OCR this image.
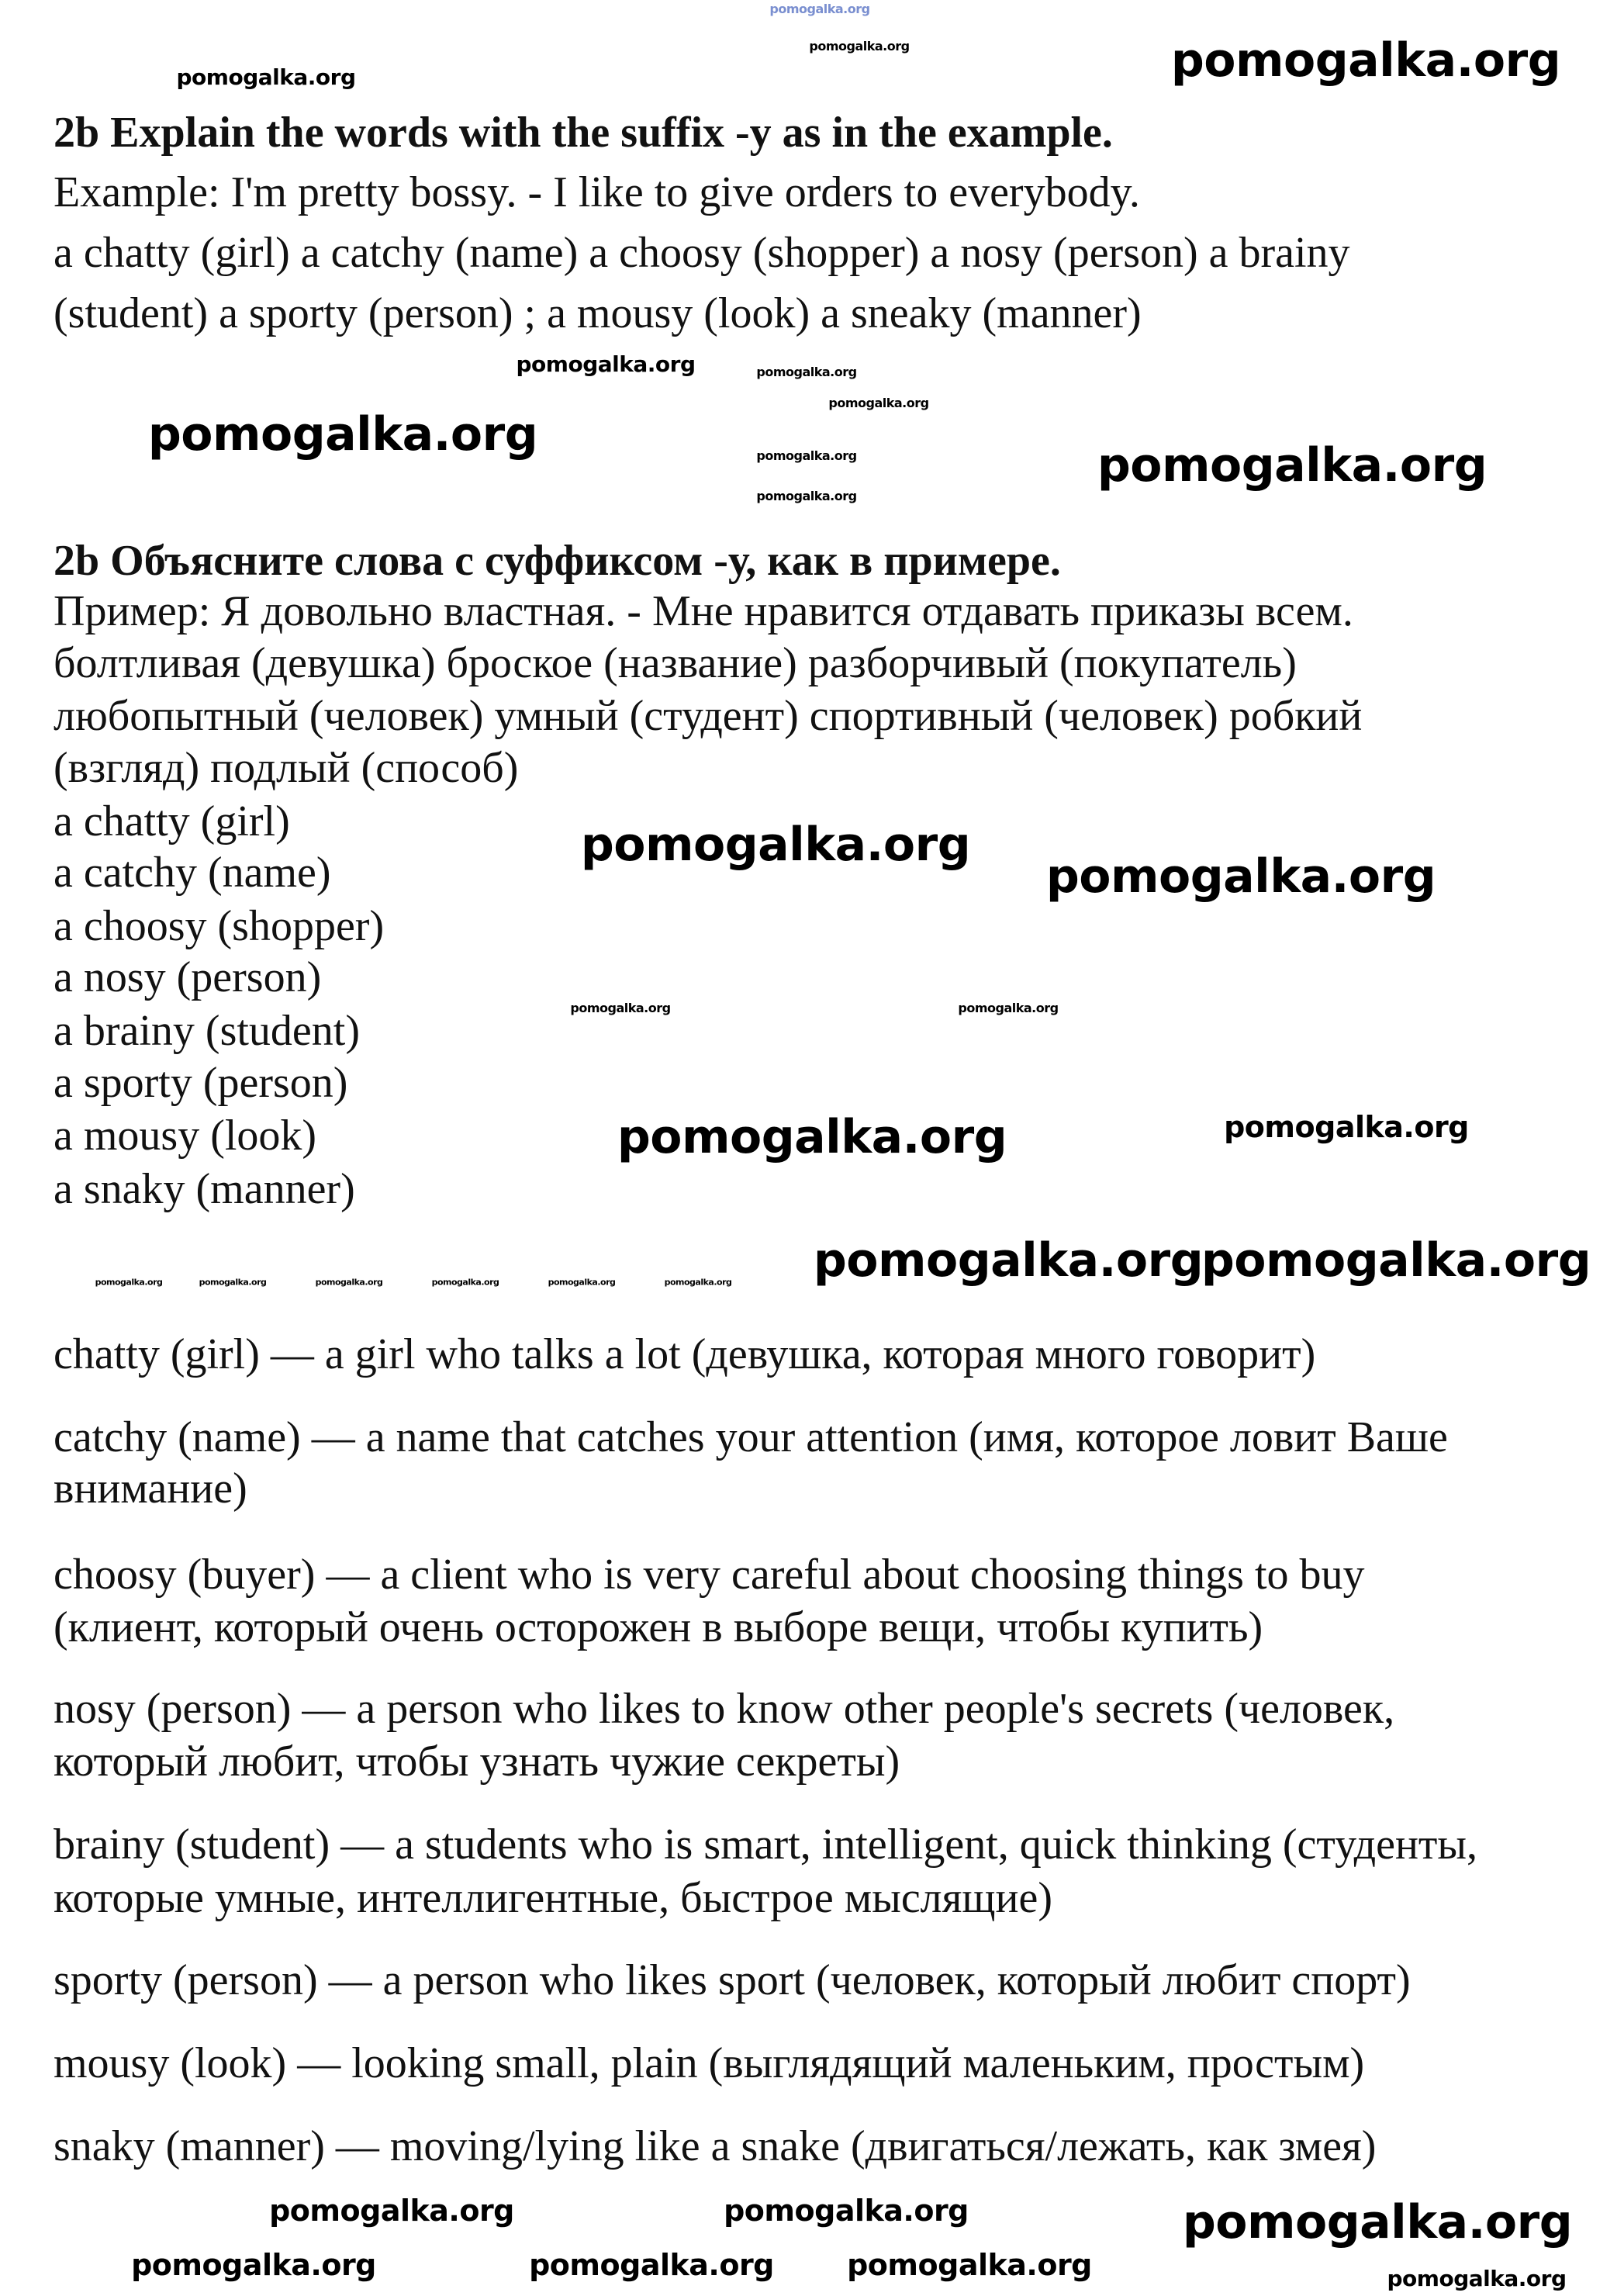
2b Explain the words with the suffix -y as in the example.
Example: I'm pretty bossy. - I like to give orders to everybody.
a chatty (girl) a catchy (name) a choosy (shopper) a nosy (person) a brainy
(student) a sporty (person) ; a mousy (look) a sneaky (manner)
2b Объясните слова с суффиксом -у, как в примере.
Пример: Я довольно властная. - Мне нравится отдавать приказы всем.
болтливая (девушка) броское (название) разборчивый (покупатель)
любопытный (человек) умный (студент) спортивный (человек) робкий
(взгляд) подлый (способ)
a chatty (girl)
a catchy (name)
a choosy (shopper)
a nosy (person)
a brainy (student)
a sporty (person)
a mousy (look)
a snaky (manner)
chatty (girl) — a girl who talks a lot (девушка, которая много говорит)
catchy (name) — a name that catches your attention (имя, которое ловит Ваше
внимание)
choosy (buyer) — a client who is very careful about choosing things to buy
(клиент, который очень осторожен в выборе вещи, чтобы купить)
nosy (person) — a person who likes to know other people's secrets (человек,
который любит, чтобы узнать чужие секреты)
brainy (student) — a students who is smart, intelligent, quick thinking (студенты,
которые умные, интеллигентные, быстрое мыслящие)
sporty (person) — a person who likes sport (человек, который любит спорт)
mousy (look) — looking small, plain (выглядящий маленьким, простым)
snaky (manner) — moving/lying like a snake (двигаться/лежать, как змея)
pomogalka.org
pomogalka.org
pomogalka.org	pomogalka.org
pomogalka.org
pomogalka.org
pomogalka.org
pomogalka.org
pomogalka.org
pomogalka.org
pomogalka.org
pomogalka.org
pomogalka.org
pomogalka.org	pomogalka.org
pomogalka.org	pomogalka.org
pomogalka.org	pomogalka.org	pomogalka.org	pomogalka.org	pomogalka.org	pomogalka.org pomogalka.org
pomogalka.org
pomogalka.org
pomogalka.org	pomogalka.org
pomogalka.org	pomogalka.org pomogalka.org	pomogalka.org
